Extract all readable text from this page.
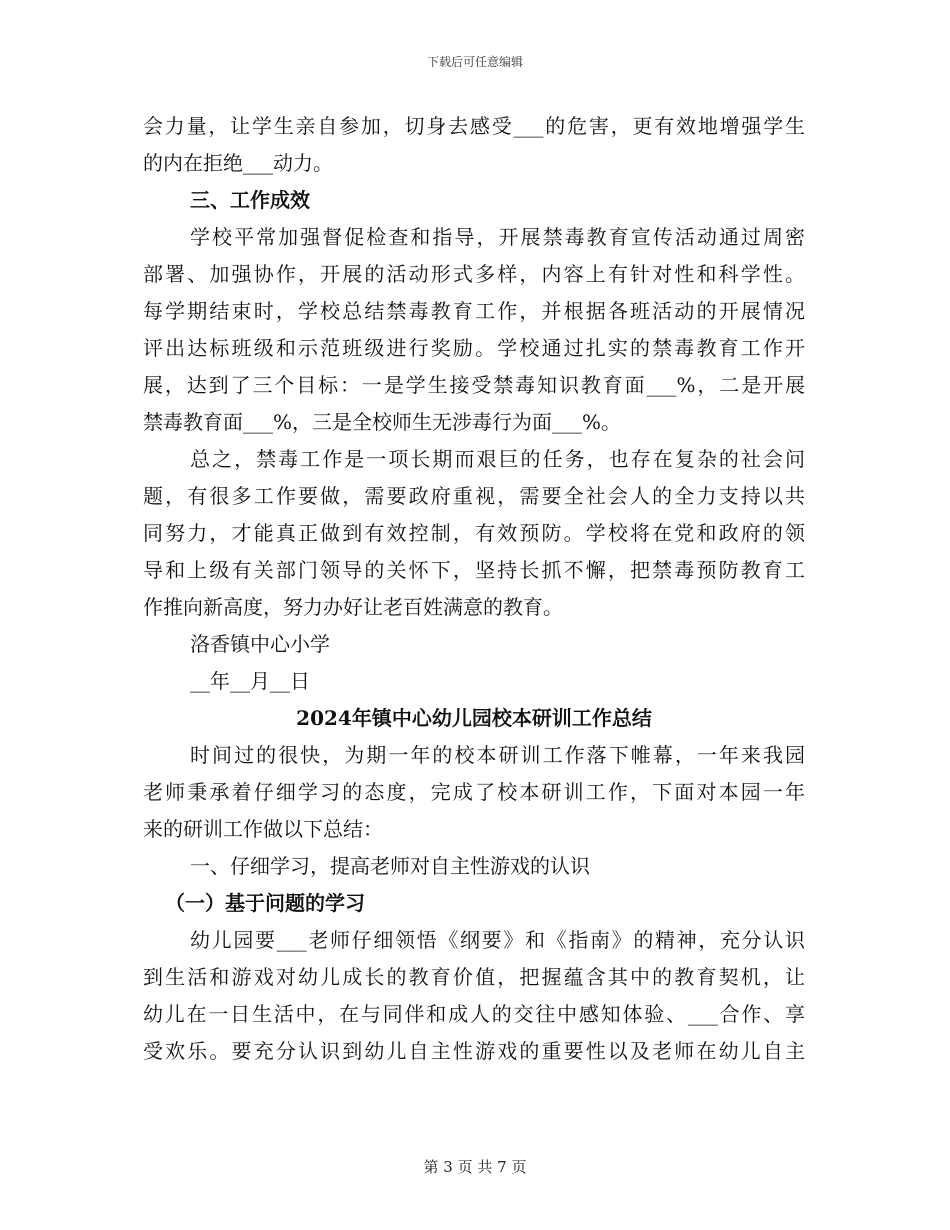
下载后可任意编辑
会力量，让学生亲自参加，切身去感受___的危害，更有效地增强学生
的内在拒绝___动力。
三、工作成效
学校平常加强督促检查和指导，开展禁毒教育宣传活动通过周密
部署、加强协作，开展的活动形式多样，内容上有针对性和科学性。
每学期结束时，学校总结禁毒教育工作，并根据各班活动的开展情况
评出达标班级和示范班级进行奖励。学校通过扎实的禁毒教育工作开
展，达到了三个目标：一是学生接受禁毒知识教育面___%，二是开展
禁毒教育面___%，三是全校师生无涉毒行为面___%。
总之，禁毒工作是一项长期而艰巨的任务，也存在复杂的社会问
题，有很多工作要做，需要政府重视，需要全社会人的全力支持以共
同努力，才能真正做到有效控制，有效预防。学校将在党和政府的领
导和上级有关部门领导的关怀下，坚持长抓不懈，把禁毒预防教育工
作推向新高度，努力办好让老百姓满意的教育。
洛香镇中心小学
__年__月__日
2024年镇中心幼儿园校本研训工作总结
时间过的很快，为期一年的校本研训工作落下帷幕，一年来我园
老师秉承着仔细学习的态度，完成了校本研训工作，下面对本园一年
来的研训工作做以下总结：
一、仔细学习，提高老师对自主性游戏的认识
（一）基于问题的学习
幼儿园要___老师仔细领悟《纲要》和《指南》的精神，充分认识
到生活和游戏对幼儿成长的教育价值，把握蕴含其中的教育契机，让
幼儿在一日生活中，在与同伴和成人的交往中感知体验、___合作、享
受欢乐。要充分认识到幼儿自主性游戏的重要性以及老师在幼儿自主
第 3 页 共 7 页
